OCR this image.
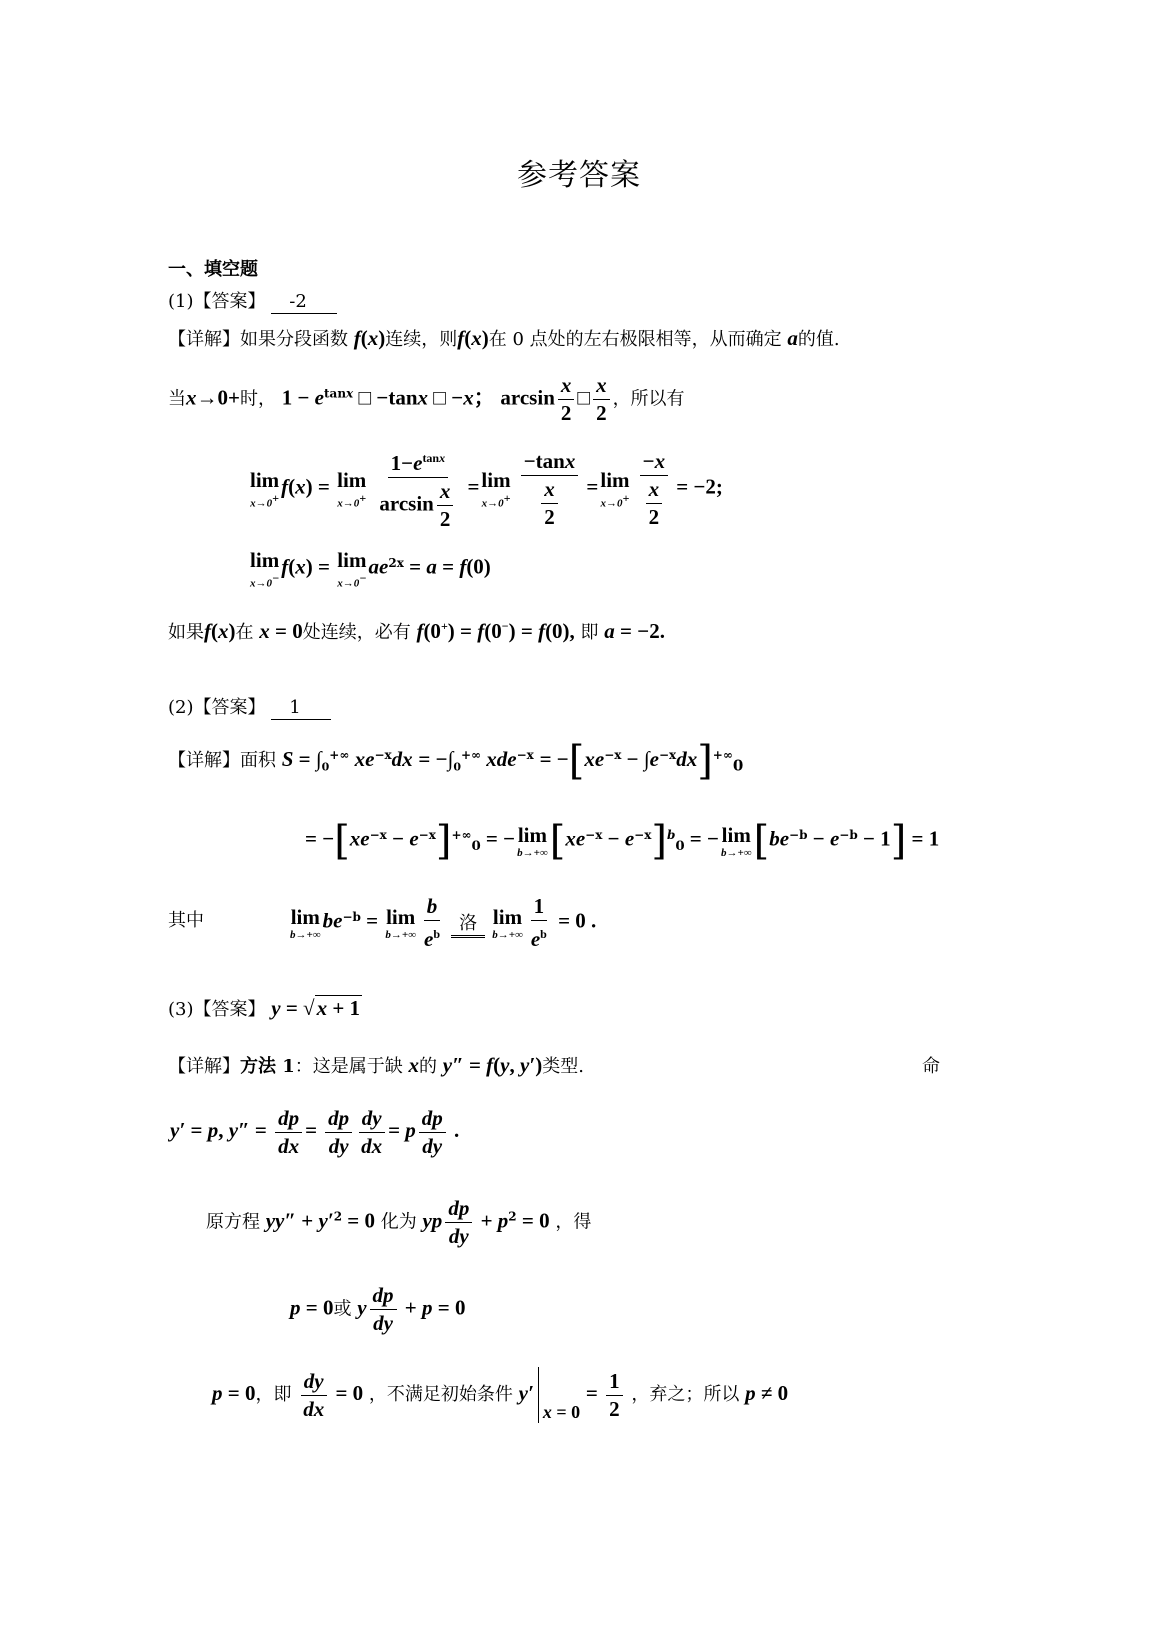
参考答案
一、填空题
(1)【答案】 -2
【详解】如果分段函数 f(x)连续，则f(x)在 0 点处的左右极限相等，从而确定 a的值.
当x→0+时， $1 - e^{tanx}$ □ −tanx □ −x； $\arcsin \frac{x}{2}$ □ $\frac{x}{2}$ ，所以有
lim
x→0+ f(x) = lim
x→0+
$\frac{1-e^{tanx}}{\arcsin \frac{x}{2}} =\lim$
x→0+
$\frac{-\tan x}{\frac{x}{2}} =\lim$
x→0+
$\frac{-x}{\frac{x}{2}} = -2$;
lim
x→0− f(x) = lim
x→0− $ae^{2x} = a = f(0)$
如果f(x)在 x = 0处连续，必有 f(0+) = f(0−) = f(0), 即 a = −2.
(2)【答案】 1
【详解】面积 $S = \int_0^{+\infty}$ $xe^{-x}dx = -\int_0^{+\infty}$ $xde^{-x} = -[xe^{-x} - \int e^{-x}dx]^{+\infty}_0$
= $-[xe^{-x} - e^{-x}]^{+\infty}_0$ = − lim
b→+∞ $[xe^{-x} - e^{-x}]^b_0$ = − lim
b→+∞ $[be^{-b} - e^{-b} - 1] = 1$
其中	lim
b→+∞
$be^{-b} = \lim$
$b\to+\infty \frac{b}{e^b}$ 洛 lim
$b\to+\infty \frac{1}{e^b} = 0$ .
(3)【答案】 y = √x + 1
【详解】方法 1：这是属于缺 x的 y″ = f(y, y′)类型.	命
y′ = p, $y'' = \frac{dp}{dx} = \frac{dp}{dy} \frac{dy}{dx} = p \frac{dp}{dy}$ .
原方程 $yy'' + y'^2 = 0$ 化为 yp $\frac{dp}{dy} + p^2 = 0$ ，得
p = 0或 y $\frac{dp}{dy} + p = 0$
p = 0，即 $\frac{dy}{dx} = 0$ ，不满足初始条件 $y'x = 0 = \frac{1}{2}$ ，弃之；所以 p ≠ 0
